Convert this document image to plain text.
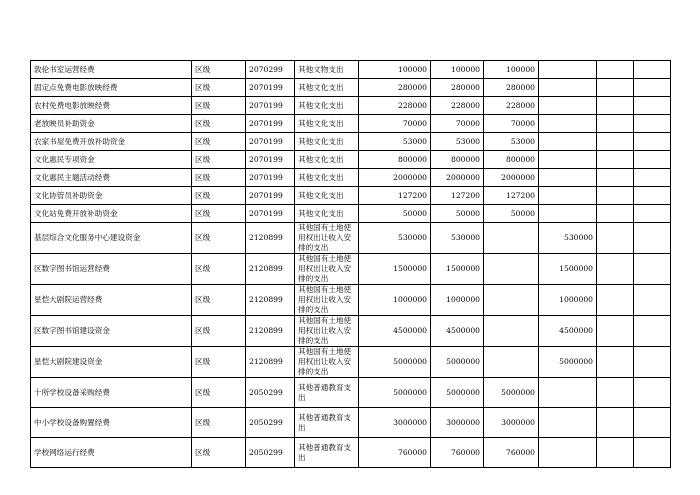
敦伦书室运营经费	区级	2070299	其他文物支出	100000	100000	100000			
固定点免费电影放映经费	区级	2070199	其他文化支出	280000	280000	280000			
农村免费电影放映经费	区级	2070199	其他文化支出	228000	228000	228000			
老放映员补助资金	区级	2070199	其他文化支出	70000	70000	70000			
农家书屋免费开放补助资金	区级	2070199	其他文化支出	53000	53000	53000			
文化惠民专项资金	区级	2070199	其他文化支出	800000	800000	800000			
文化惠民主题活动经费	区级	2070199	其他文化支出	2000000	2000000	2000000			
文化协管员补助资金	区级	2070199	其他文化支出	127200	127200	127200			
文化站免费开放补助资金	区级	2070199	其他文化支出	50000	50000	50000			
基层综合文化服务中心建设资金	区级	2120899	其他国有土地使用权出让收入安排的支出	530000	530000		530000		
区数字图书馆运营经费	区级	2120899	其他国有土地使用权出让收入安排的支出	1500000	1500000		1500000		
星恺大剧院运营经费	区级	2120899	其他国有土地使用权出让收入安排的支出	1000000	1000000		1000000		
区数字图书馆建设资金	区级	2120899	其他国有土地使用权出让收入安排的支出	4500000	4500000		4500000		
星恺大剧院建设资金	区级	2120899	其他国有土地使用权出让收入安排的支出	5000000	5000000		5000000		
十所学校设备采购经费	区级	2050299	其他普通教育支出	5000000	5000000	5000000			
中小学校设备购置经费	区级	2050299	其他普通教育支出	3000000	3000000	3000000			
学校网络运行经费	区级	2050299	其他普通教育支出	760000	760000	760000			
